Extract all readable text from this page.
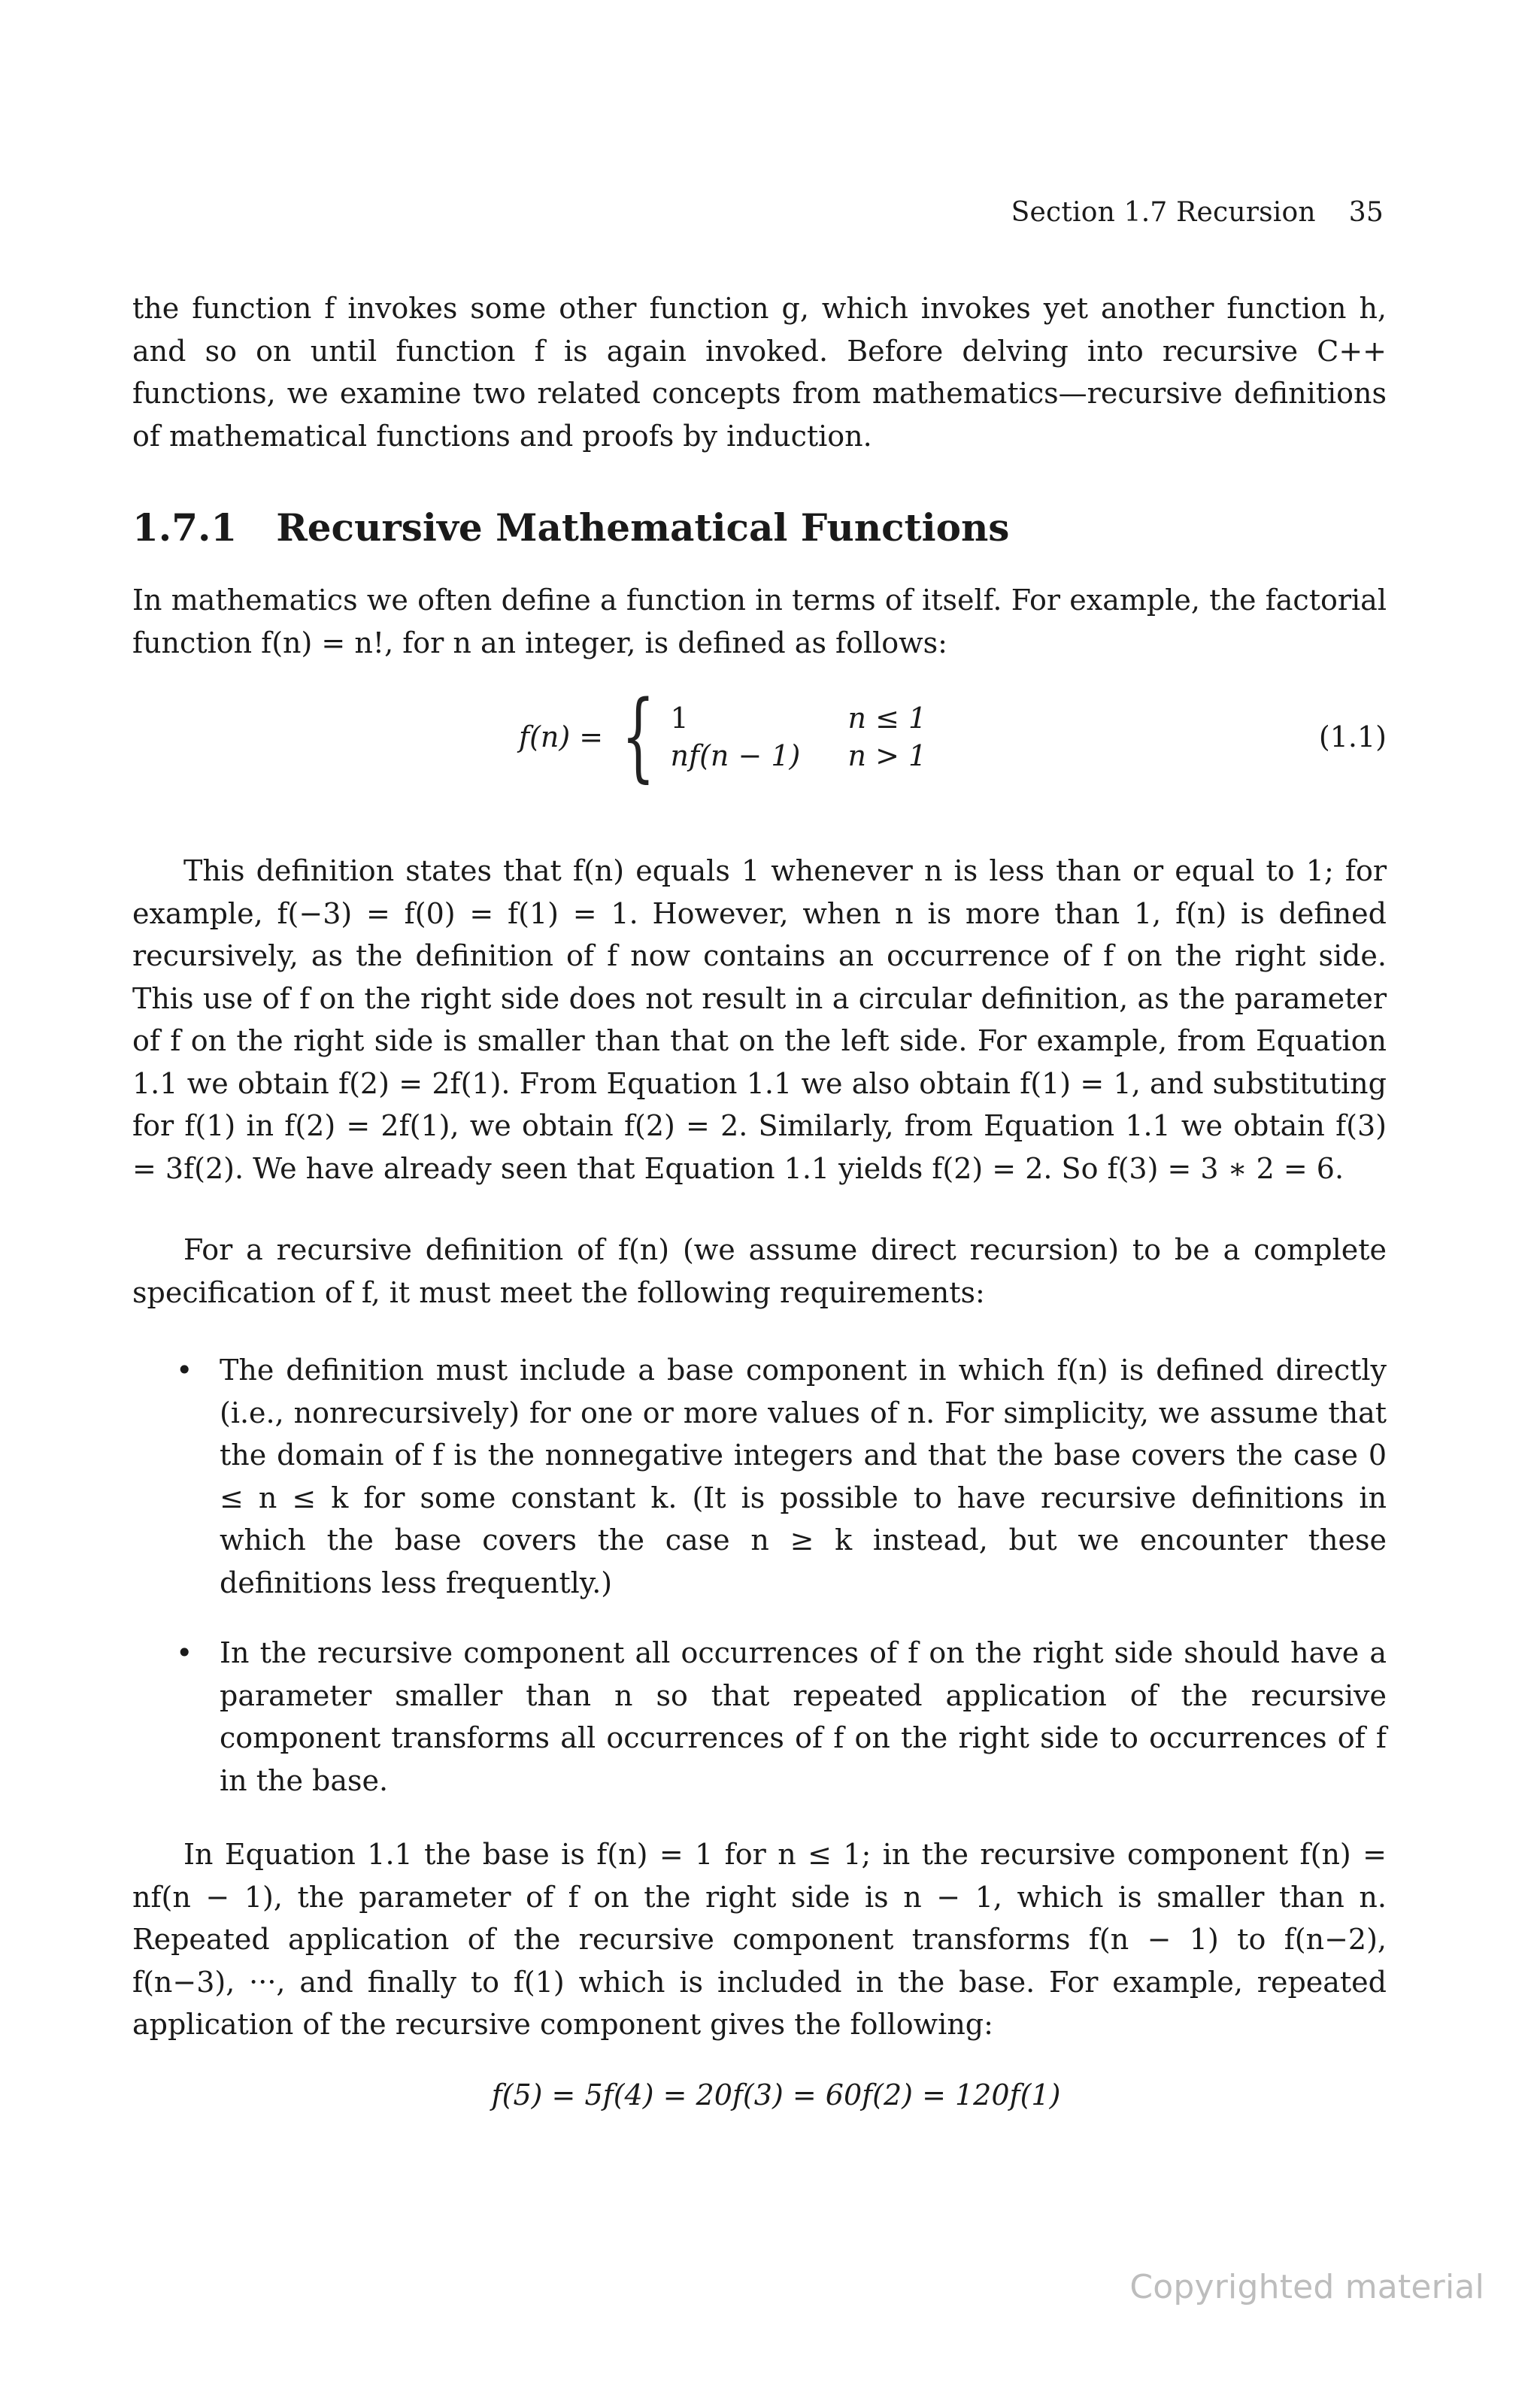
Section 1.7 Recursion 35

the function f invokes some other function g, which invokes yet another function h, and so on until function f is again invoked. Before delving into recursive C++ functions, we examine two related concepts from mathematics—recursive definitions of mathematical functions and proofs by induction.

1.7.1 Recursive Mathematical Functions

In mathematics we often define a function in terms of itself. For example, the factorial function f(n) = n!, for n an integer, is defined as follows:

f(n) = { 1	n ≤ 1
nf(n − 1)	n > 1
(1.1)

This definition states that f(n) equals 1 whenever n is less than or equal to 1; for example, f(−3) = f(0) = f(1) = 1. However, when n is more than 1, f(n) is defined recursively, as the definition of f now contains an occurrence of f on the right side. This use of f on the right side does not result in a circular definition, as the parameter of f on the right side is smaller than that on the left side. For example, from Equation 1.1 we obtain f(2) = 2f(1). From Equation 1.1 we also obtain f(1) = 1, and substituting for f(1) in f(2) = 2f(1), we obtain f(2) = 2. Similarly, from Equation 1.1 we obtain f(3) = 3f(2). We have already seen that Equation 1.1 yields f(2) = 2. So f(3) = 3 ∗ 2 = 6.

For a recursive definition of f(n) (we assume direct recursion) to be a complete specification of f, it must meet the following requirements:

• The definition must include a base component in which f(n) is defined directly (i.e., nonrecursively) for one or more values of n. For simplicity, we assume that the domain of f is the nonnegative integers and that the base covers the case 0 ≤ n ≤ k for some constant k. (It is possible to have recursive definitions in which the base covers the case n ≥ k instead, but we encounter these definitions less frequently.)

• In the recursive component all occurrences of f on the right side should have a parameter smaller than n so that repeated application of the recursive component transforms all occurrences of f on the right side to occurrences of f in the base.

In Equation 1.1 the base is f(n) = 1 for n ≤ 1; in the recursive component f(n) = nf(n − 1), the parameter of f on the right side is n − 1, which is smaller than n. Repeated application of the recursive component transforms f(n − 1) to f(n−2), f(n−3), ···, and finally to f(1) which is included in the base. For example, repeated application of the recursive component gives the following:

f(5) = 5f(4) = 20f(3) = 60f(2) = 120f(1)
Copyrighted material
